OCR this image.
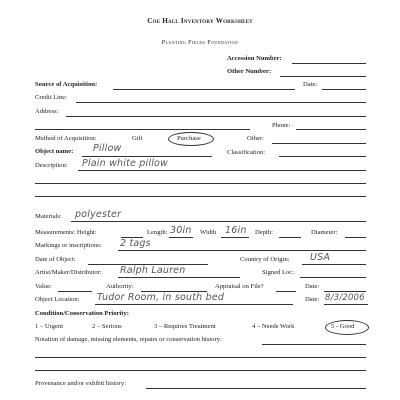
Coe Hall Inventory Worksheet
Planting Fields Foundation
Accession Number:
Other Number:
Source of Acquisition:	Date:
Credit Line:
Address:
Phone:
Method of Acquisition:	Gift	Purchase	Other:
Object name: Pillow	Classification:
Description: Plain white pillow
Materials: polyester
Measurements: Height:	Length: 30in Width 16in Depth:	Diameter:
Markings or inscriptions: 2 tags
Date of Object:	Country of Origin: USA
Artist/Maker/Distributor: Ralph Lauren	Signed Loc:
Value:	Authority:	Appraisal on File?	Date:
Object Location: Tudor Room, in south bed	Date: 8/3/2006
Condition/Conservation Priority:
1 – Urgent	2 – Serious	3 – Requires Treatment	4 – Needs Work	5 - Good
Notation of damage, missing elements, repairs or conservation history:
Provenance and/or exhibit history:
